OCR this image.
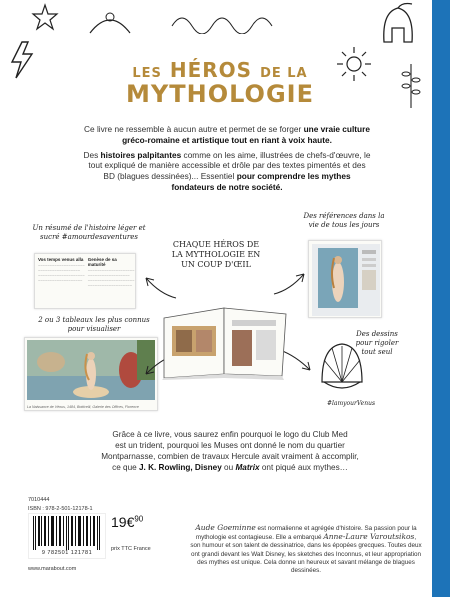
LES HÉROS DE LA
MYTHOLOGIE

Ce livre ne ressemble à aucun autre et permet de se forger une vraie culture gréco-romaine et artistique tout en riant à voix haute.

Des histoires palpitantes comme on les aime, illustrées de chefs-d'œuvre, le tout expliqué de manière accessible et drôle par des textes pimentés et des BD (blagues dessinées)... Essentiel pour comprendre les mythes fondateurs de notre société.

Un résumé de l'histoire léger et sucré #amourdesaventures
Vos temps venus alla
~~~~~~~~~~~~~~~~~~~~ ~~~~~~~~~~~~~~~~~~ ~~~~~~~~~~~~~~~~~~~~ ~~~~~~~~~~~~~~~~~~~
Genèse de sa maturité
~~~~~~~~~~~~~~~~~~~~ ~~~~~~~~~~~~~~~~~~ ~~~~~~~~~~~~~~~~~~~~ ~~~~~~~~~~~~~~~~~~~
2 ou 3 tableaux les plus connus pour visualiser
La Naissance de Vénus, 1484, Botticelli, Galerie des Offices, Florence
CHAQUE HÉROS DE LA MYTHOLOGIE EN UN COUP D'ŒIL
Des références dans la vie de tous les jours
Des dessins pour rigoler tout seul
#lamyourVenus
Grâce à ce livre, vous saurez enfin pourquoi le logo du Club Med
est un trident, pourquoi les Muses ont donné le nom du quartier
Montparnasse, combien de travaux Hercule avait vraiment à accomplir,
ce que J. K. Rowling, Disney ou Matrix ont piqué aux mythes…
7010444
ISBN : 978-2-501-12178-1
9 782501 121781
19€$^{90}$
prix TTC France
www.marabout.com
Aude Goeminne est normalienne et agrégée d'histoire. Sa passion pour la mythologie est contagieuse. Elle a embarqué Anne-Laure Varoutsikos, son humour et son talent de dessinatrice, dans les épopées grecques. Toutes deux ont grandi devant les Walt Disney, les sketches des Inconnus, et leur appropriation des mythes est unique. Cela donne un heureux et savant mélange de blagues dessinées.
